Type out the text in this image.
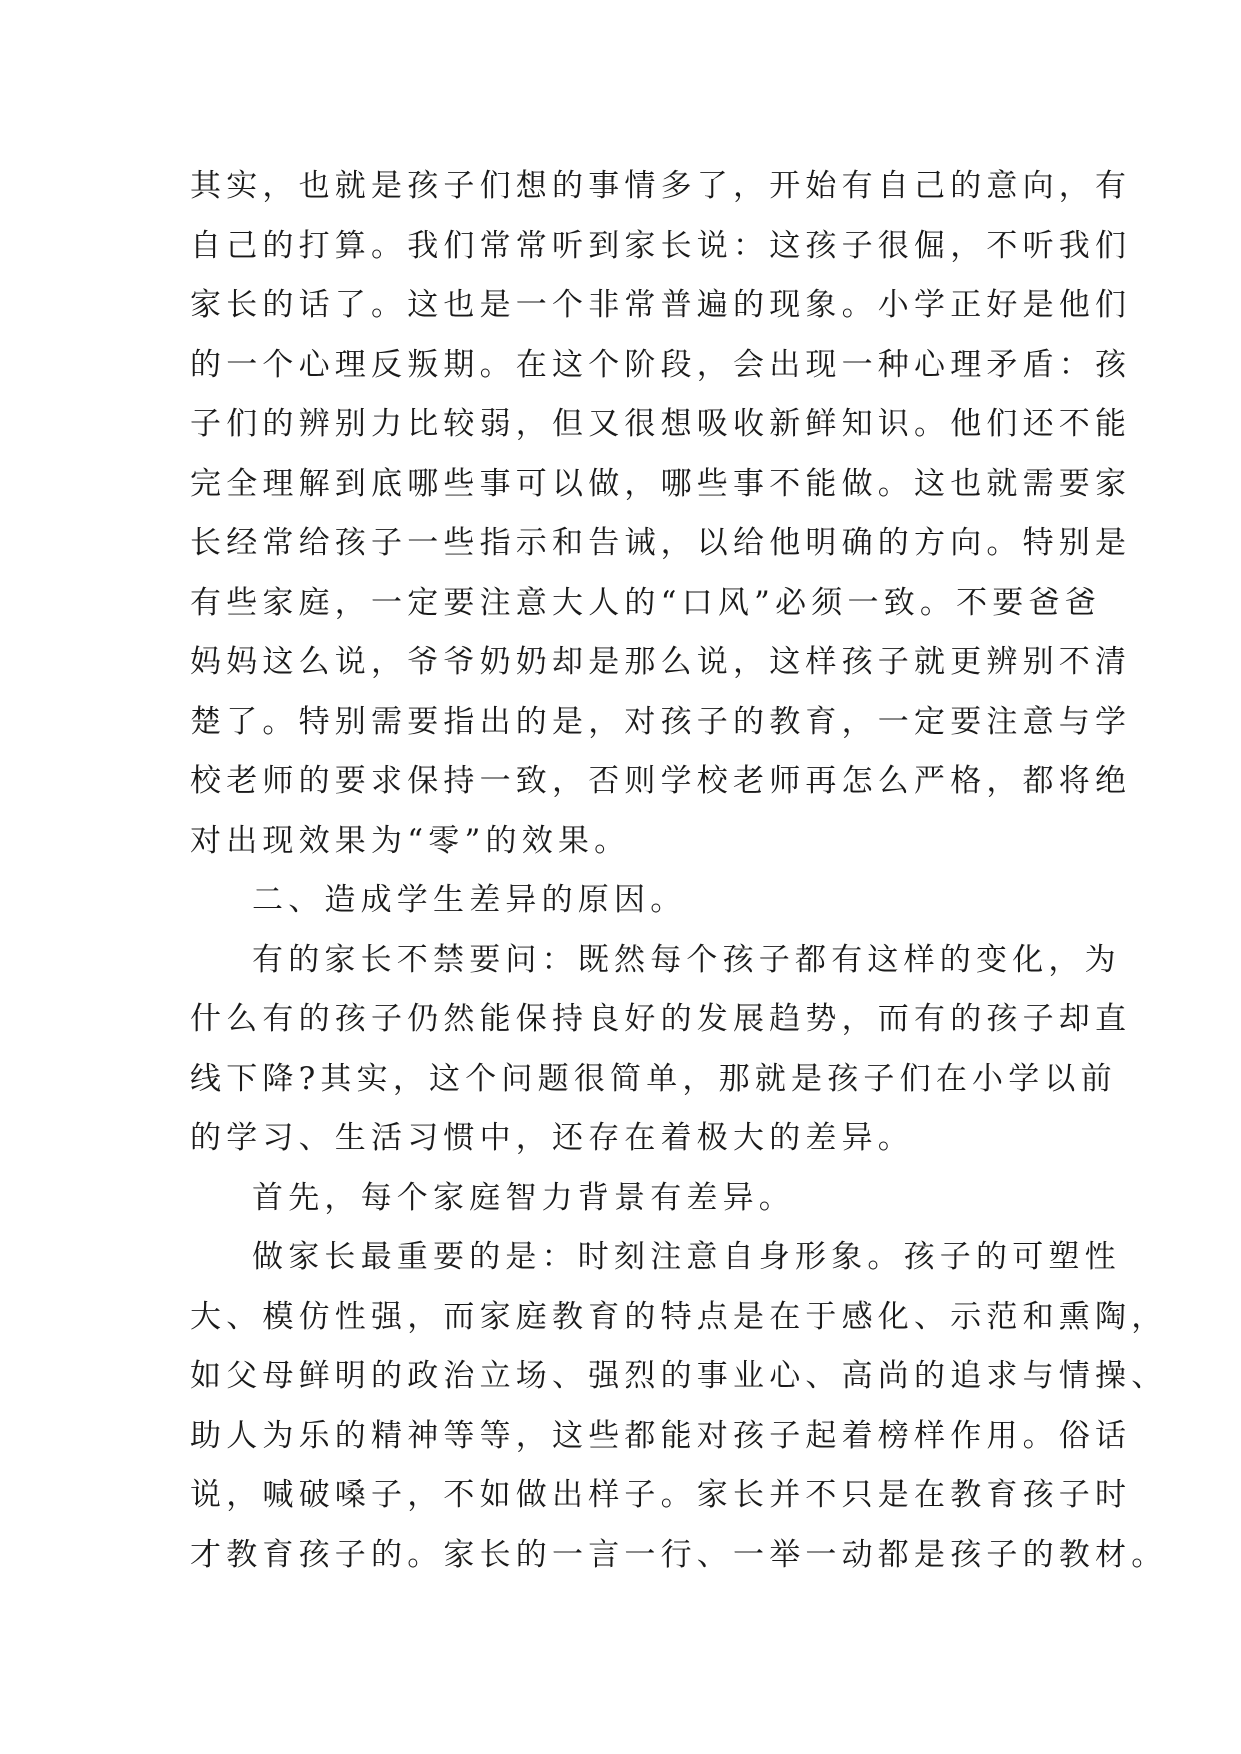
其实，也就是孩子们想的事情多了，开始有自己的意向，有
自己的打算。我们常常听到家长说：这孩子很倔，不听我们
家长的话了。这也是一个非常普遍的现象。小学正好是他们
的一个心理反叛期。在这个阶段，会出现一种心理矛盾：孩
子们的辨别力比较弱，但又很想吸收新鲜知识。他们还不能
完全理解到底哪些事可以做，哪些事不能做。这也就需要家
长经常给孩子一些指示和告诫，以给他明确的方向。特别是
有些家庭，一定要注意大人的“口风”必须一致。不要爸爸
妈妈这么说，爷爷奶奶却是那么说，这样孩子就更辨别不清
楚了。特别需要指出的是，对孩子的教育，一定要注意与学
校老师的要求保持一致，否则学校老师再怎么严格，都将绝
对出现效果为“零”的效果。
二、造成学生差异的原因。
有的家长不禁要问：既然每个孩子都有这样的变化，为
什么有的孩子仍然能保持良好的发展趋势，而有的孩子却直
线下降?其实，这个问题很简单，那就是孩子们在小学以前
的学习、生活习惯中，还存在着极大的差异。
首先，每个家庭智力背景有差异。
做家长最重要的是：时刻注意自身形象。孩子的可塑性
大、模仿性强，而家庭教育的特点是在于感化、示范和熏陶，
如父母鲜明的政治立场、强烈的事业心、高尚的追求与情操、
助人为乐的精神等等，这些都能对孩子起着榜样作用。俗话
说，喊破嗓子，不如做出样子。家长并不只是在教育孩子时
才教育孩子的。家长的一言一行、一举一动都是孩子的教材。
